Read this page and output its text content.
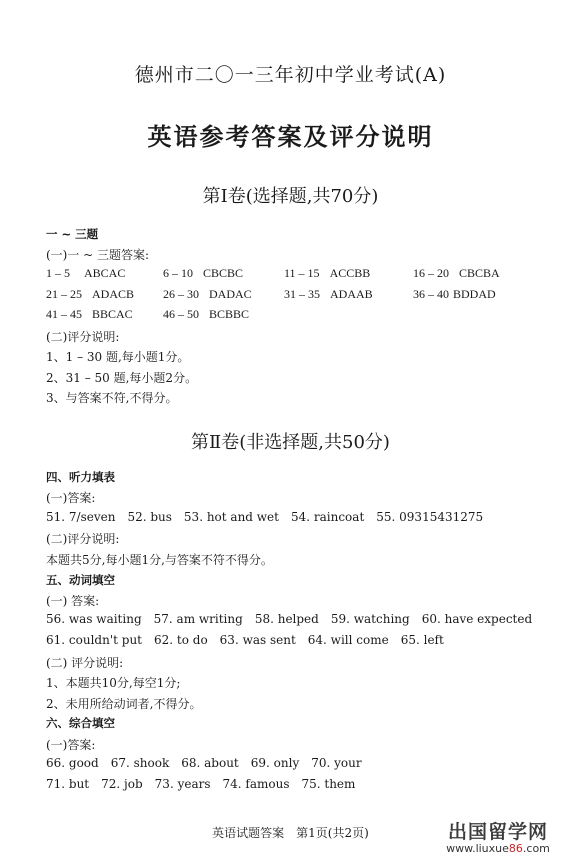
德州市二〇一三年初中学业考试(A)
英语参考答案及评分说明
第Ⅰ卷(选择题,共70分)
一 ~ 三题
(一)一 ~ 三题答案:
1 – 5 ABCAC	6 – 10 CBCBC	11 – 15 ACCBB	16 – 20 CBCBA
21 – 25 ADACB 26 – 30 DADAC	31 – 35 ADAAB	36 – 40 BDDAD
41 – 45 BBCAC	46 – 50 BCBBC
(二)评分说明:
1、1 – 30 题,每小题1分。
2、31 – 50 题,每小题2分。
3、与答案不符,不得分。
第Ⅱ卷(非选择题,共50分)
四、听力填表
(一)答案:
51. 7/seven 52. bus 53. hot and wet 54. raincoat 55. 09315431275
(二)评分说明:
本题共5分,每小题1分,与答案不符不得分。
五、动词填空
(一) 答案:
56. was waiting 57. am writing 58. helped 59. watching 60. have expected
61. couldn't put 62. to do 63. was sent 64. will come 65. left
(二) 评分说明:
1、本题共10分,每空1分;
2、未用所给动词者,不得分。
六、综合填空
(一)答案:
66. good 67. shook 68. about 69. only 70. your
71. but 72. job 73. years 74. famous 75. them
英语试题答案　第1页(共2页)	出国留学网
www.liuxue86.com
